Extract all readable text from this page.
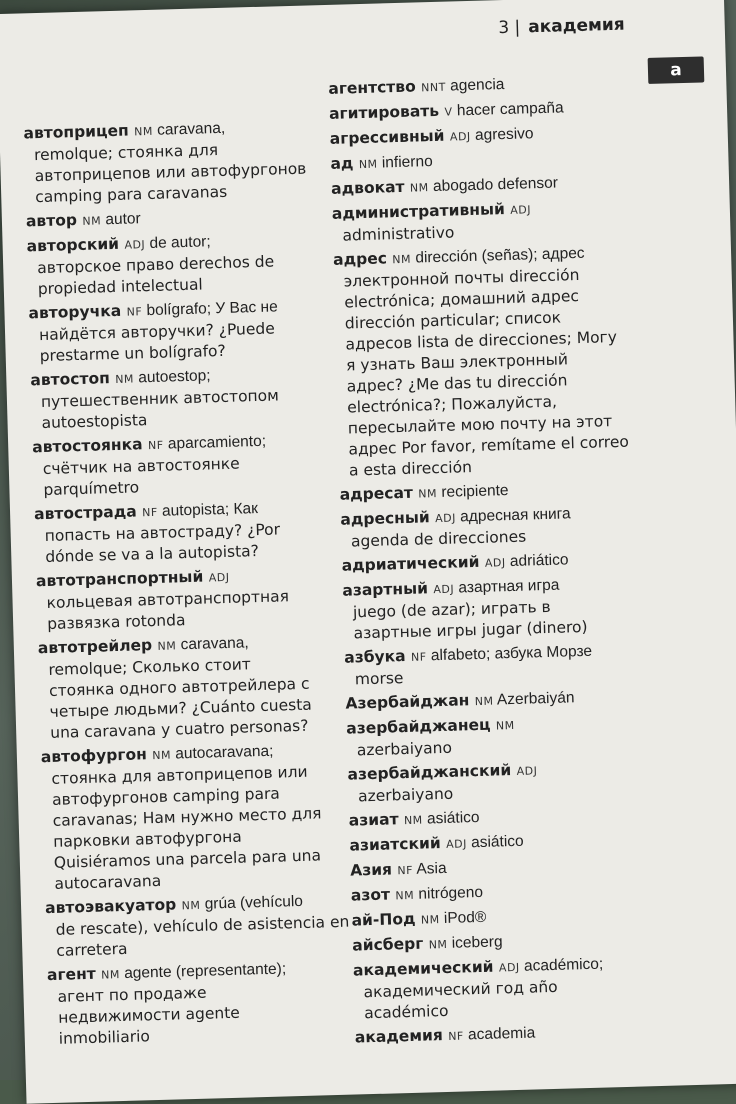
3 | академия
a
автоприцеп NM caravana,
remolque; стоянка для
автоприцепов или автофургонов
camping para caravanas
автор NM autor
авторский ADJ de autor;
авторское право derechos de
propiedad intelectual
авторучка NF bolígrafo; У Вас не
найдётся авторучки? ¿Puede
prestarme un bolígrafo?
автостоп NM autoestop;
путешественник автостопом
autoestopista
автостоянка NF aparcamiento;
счётчик на автостоянке
parquímetro
автострада NF autopista; Как
попасть на автостраду? ¿Por
dónde se va a la autopista?
автотранспортный ADJ
кольцевая автотранспортная
развязка rotonda
автотрейлер NM caravana,
remolque; Сколько стоит
стоянка одного автотрейлера с
четыре людьми? ¿Cuánto cuesta
una caravana y cuatro personas?
автофургон NM autocaravana;
стоянка для автоприцепов или
автофургонов camping para
caravanas; Нам нужно место для
парковки автофургона
Quisiéramos una parcela para una
autocaravana
автоэвакуатор NM grúa (vehículo
de rescate), vehículo de asistencia en
carretera
агент NM agente (representante);
агент по продаже
недвижимости agente
inmobiliario
агентство NNT agencia
агитировать V hacer campaña
агрессивный ADJ agresivo
ад NM infierno
адвокат NM abogado defensor
административный ADJ
administrativo
адрес NM dirección (señas); адрес
электронной почты dirección
electrónica; домашний адрес
dirección particular; список
адресов lista de direcciones; Могу
я узнать Ваш электронный
адрес? ¿Me das tu dirección
electrónica?; Пожалуйста,
пересылайте мою почту на этот
адрес Por favor, remítame el correo
a esta dirección
адресат NM recipiente
адресный ADJ адресная книга
agenda de direcciones
адриатический ADJ adriático
азартный ADJ азартная игра
juego (de azar); играть в
азартные игры jugar (dinero)
азбука NF alfabeto; азбука Морзе
morse
Азербайджан NM Azerbaiyán
азербайджанец NM
azerbaiyano
азербайджанский ADJ
azerbaiyano
азиат NM asiático
азиатский ADJ asiático
Азия NF Asia
азот NM nitrógeno
ай-Под NM iPod®
айсберг NM iceberg
академический ADJ académico;
академический год año
académico
академия NF academia
